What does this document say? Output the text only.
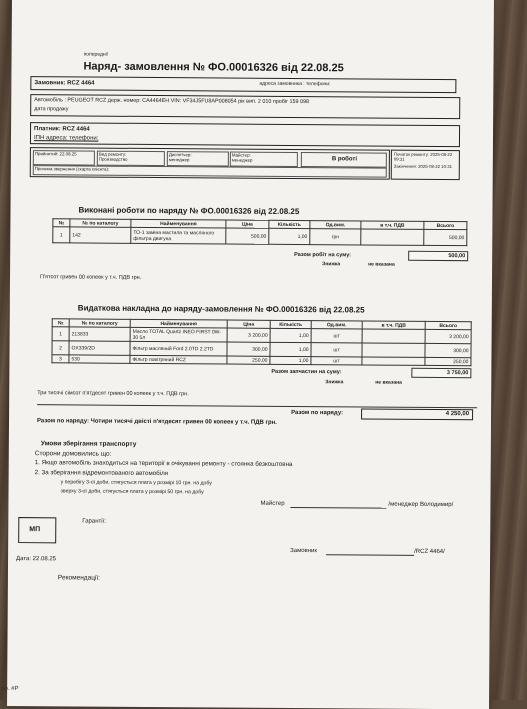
попередні!
Наряд- замовлення № ФО.00016326 від 22.08.25
адреса замовника : телефони:
Замовник: RCZ 4464
Автомобіль : PEUGEOT RCZ держ. номер: CA4464EH VIN: VF34J5FU8AP008054 рік вип. 2 010 пробіг 159 098
дата продажу
Платник: RCZ 4464
ІПН адреса: телефони:
Прийнятий: 22.08.25	Вид ремонту: Производство
Диспетчер: менеджер
Майстер: менеджер	В роботі
Причина звернення (скарга клієнта):
Початок ремонту: 2025-08-22 09:31
Закінчення: 2025-08-22 10:31
Виконані роботи по наряду № ФО.00016326 від 22.08.25
№	№ по каталогу	Найменування	Ціна	Кількість	Од.вим.	в т.ч. ПДВ	Всього
1	142	ТО-1 заміна мастила та масляного фільтра двигуна	500,00	1,00	грн		500,00
Разом робіт на суму:	500,00
Знижка	не вказана
П'ятсот гривен 00 копеек у т.ч. ПДВ грн.
Видаткова накладна до наряду-замовлення № ФО.00016326 від 22.08.25
№	№ по каталогу	Найменування	Ціна	Кількість	Од.вим.	в т.ч. ПДВ	Всього
1	213833	Масло TOTAL Quartz INEO FIRST 0W-30 5л	3 200,00	1,00	шт		3 200,00
2	OX339/2D	Фільтр масляний Ford 2.0TD 2.2TD	300,00	1,00	шт		300,00
3	530	Фільтр повітряний RCZ	250,00	1,00	шт		250,00
Разом запчастин на суму:	3 750,00
Знижка	не вказана
Три тисячі сімсот п'ятдесят гривен 00 копеек у т.ч. ПДВ грн.
Разом по наряду:	4 250,00
Разом по наряду: Чотири тисячі двісті п'ятдесят гривен 00 копеек у т.ч. ПДВ грн.
Умови зберігання транспорту
Сторони домовились що:
1. Якщо автомобіль знаходиться на території в очікуванні ремонту - стоянка безкоштовна
2. За зберігання відремонтованого автомобіля
у перебігу 3-ої доби, стягується плата у розмірі 10 грн. на добу
зверху 3-ої доби, стягується плата у розмірі 50 грн. на добу
Майстер	/менеджер Володимир/
МП
Гарантії:
Замовник	/RCZ 4464/
Дата: 22.08.25
Рекомендації:
op. #P
